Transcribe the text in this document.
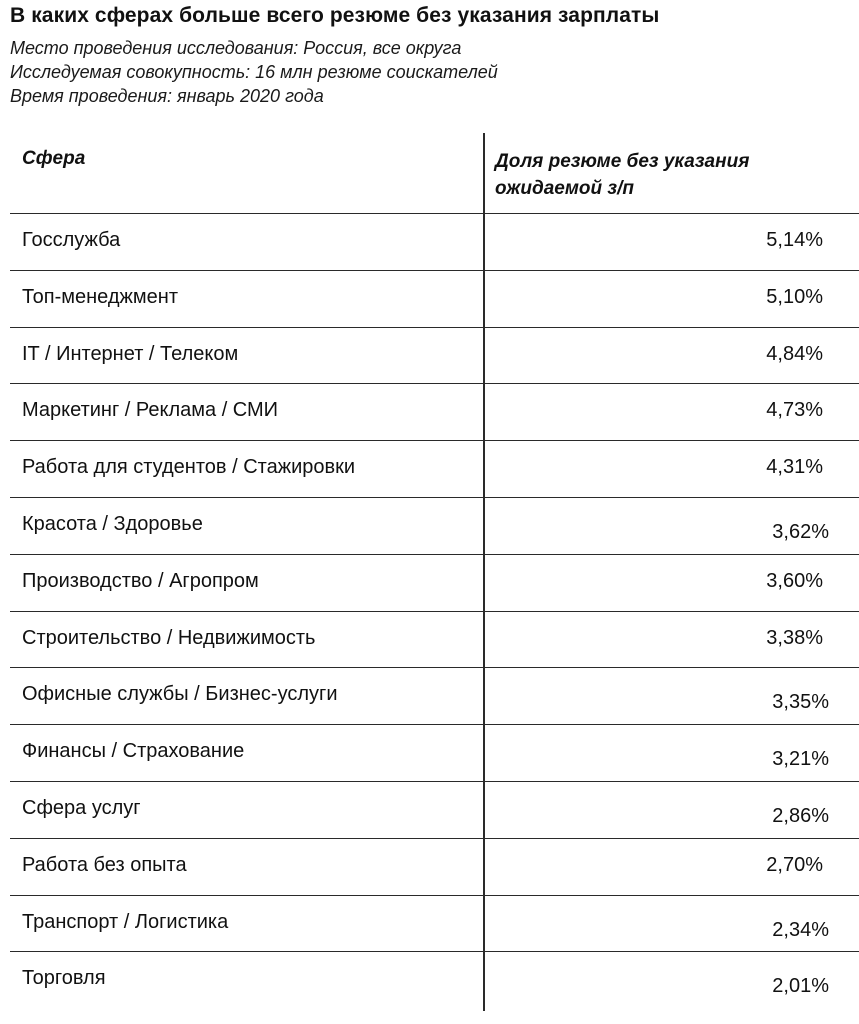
В каких сферах больше всего резюме без указания зарплаты
Место проведения исследования: Россия, все округа
Исследуемая совокупность: 16 млн резюме соискателей
Время проведения: январь 2020 года
Сфера	Доля резюме без указания ожидаемой з/п
Госслужба	5,14%
Топ-менеджмент	5,10%
IT / Интернет / Телеком	4,84%
Маркетинг / Реклама / СМИ	4,73%
Работа для студентов / Стажировки	4,31%
Красота / Здоровье	3,62%
Производство / Агропром	3,60%
Строительство / Недвижимость	3,38%
Офисные службы / Бизнес-услуги	3,35%
Финансы / Страхование	3,21%
Сфера услуг	2,86%
Работа без опыта	2,70%
Транспорт / Логистика	2,34%
Торговля	2,01%
